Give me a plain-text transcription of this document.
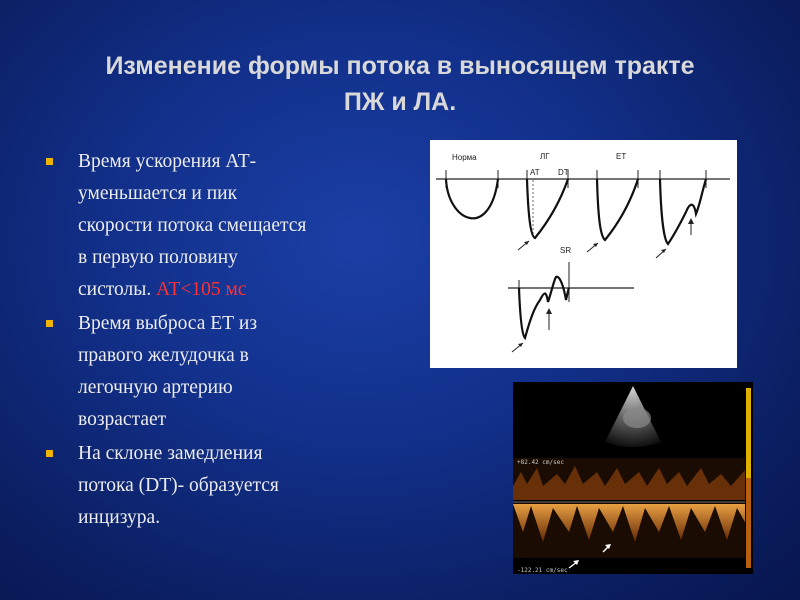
Изменение формы потока в выносящем тракте
ПЖ и ЛА.
Время ускорения АТ-
уменьшается и пик
скорости потока смещается
в первую половину
систолы. АТ<105 мс
Время выброса ЕТ из
правого желудочка в
легочную артерию
возрастает
На склоне замедления
потока (DT)- образуется
инцизура.
Норма	ЛГ	ЕТ
AT DT
SR
+82.42 cm/sec
-122.21 cm/sec
